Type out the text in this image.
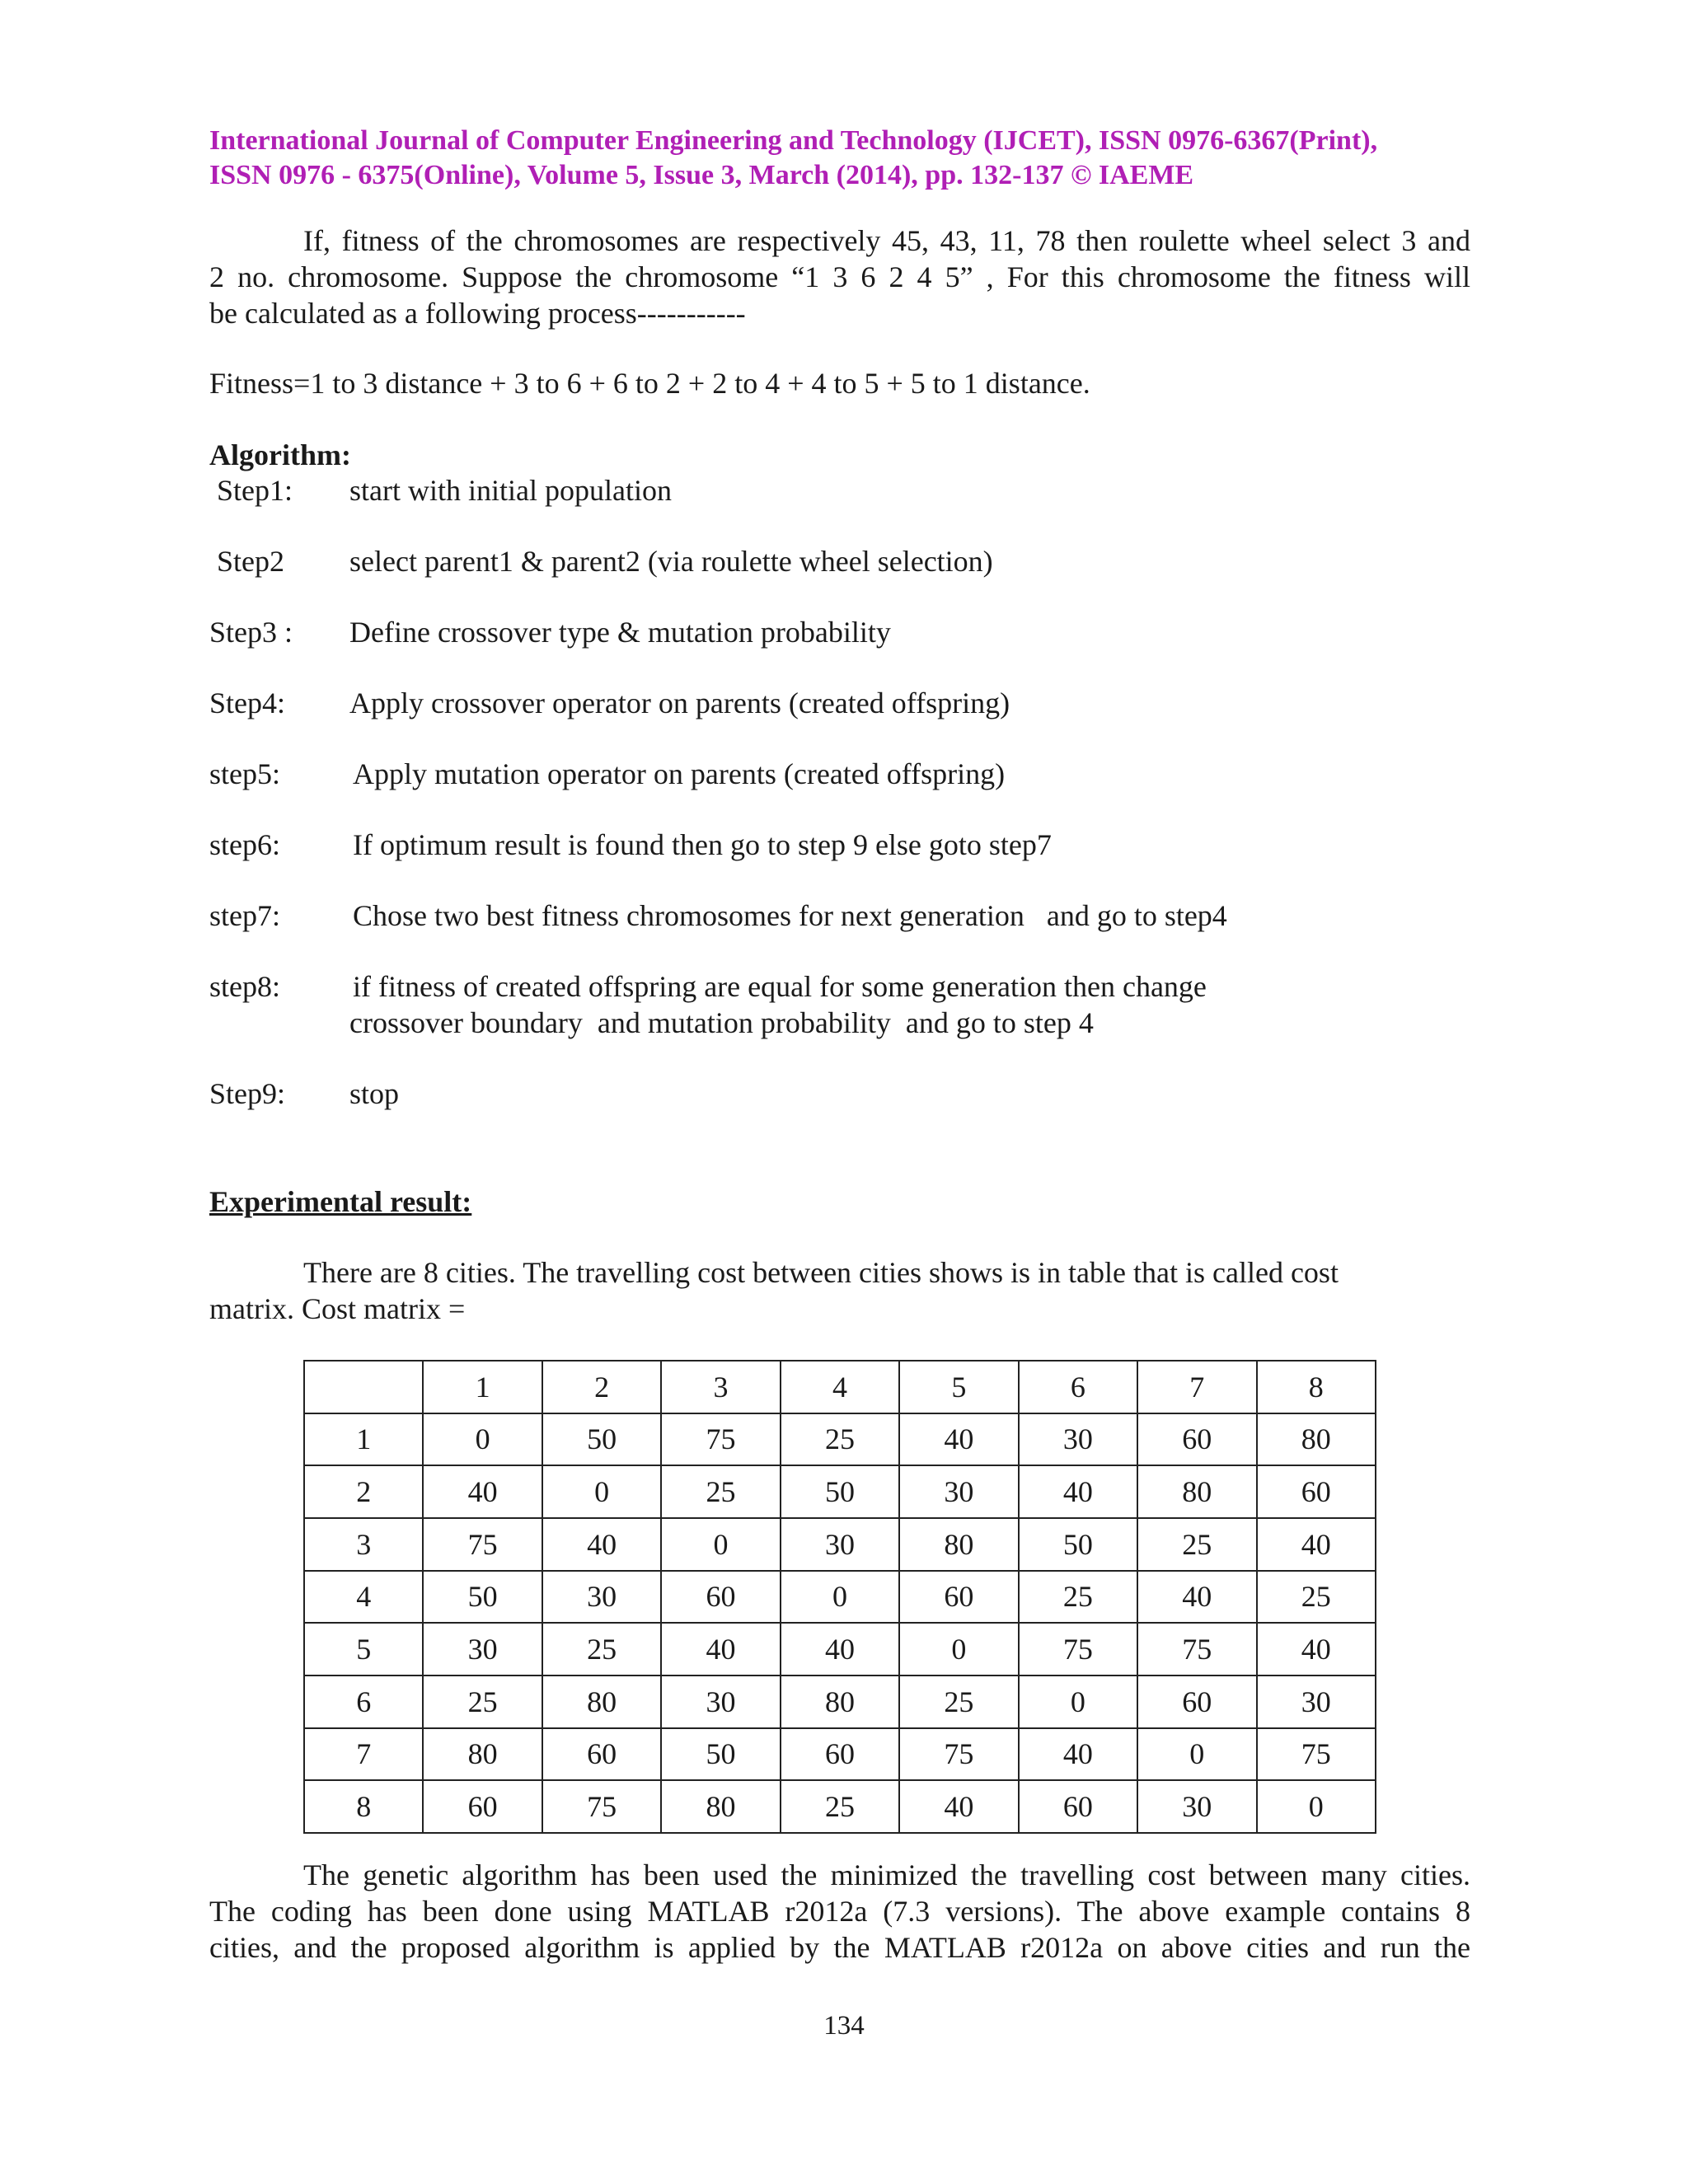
International Journal of Computer Engineering and Technology (IJCET), ISSN 0976-6367(Print),
ISSN 0976 - 6375(Online), Volume 5, Issue 3, March (2014), pp. 132-137 © IAEME
If, fitness of the chromosomes are respectively 45, 43, 11, 78 then roulette wheel select 3 and
2 no. chromosome. Suppose the chromosome “1 3 6 2 4 5” , For this chromosome the fitness will
be calculated as a following process-----------
Fitness=1 to 3 distance + 3 to 6 + 6 to 2 + 2 to 4 + 4 to 5 + 5 to 1 distance.
Algorithm:
Step1: start with initial population
Step2 select parent1 & parent2 (via roulette wheel selection)
Step3 : Define crossover type & mutation probability
Step4: Apply crossover operator on parents (created offspring)
step5: Apply mutation operator on parents (created offspring)
step6: If optimum result is found then go to step 9 else goto step7
step7: Chose two best fitness chromosomes for next generation   and go to step4
step8: if fitness of created offspring are equal for some generation then change
crossover boundary  and mutation probability  and go to step 4
Step9: stop
Experimental result:
There are 8 cities. The travelling cost between cities shows is in table that is called cost
matrix. Cost matrix =
	1	2	3	4	5	6	7	8
1	0	50	75	25	40	30	60	80
2	40	0	25	50	30	40	80	60
3	75	40	0	30	80	50	25	40
4	50	30	60	0	60	25	40	25
5	30	25	40	40	0	75	75	40
6	25	80	30	80	25	0	60	30
7	80	60	50	60	75	40	0	75
8	60	75	80	25	40	60	30	0
The genetic algorithm has been used the minimized the travelling cost between many cities.
The coding has been done using MATLAB r2012a (7.3 versions). The above example contains 8
cities, and the proposed algorithm is applied by the MATLAB r2012a on above cities and run the
134
